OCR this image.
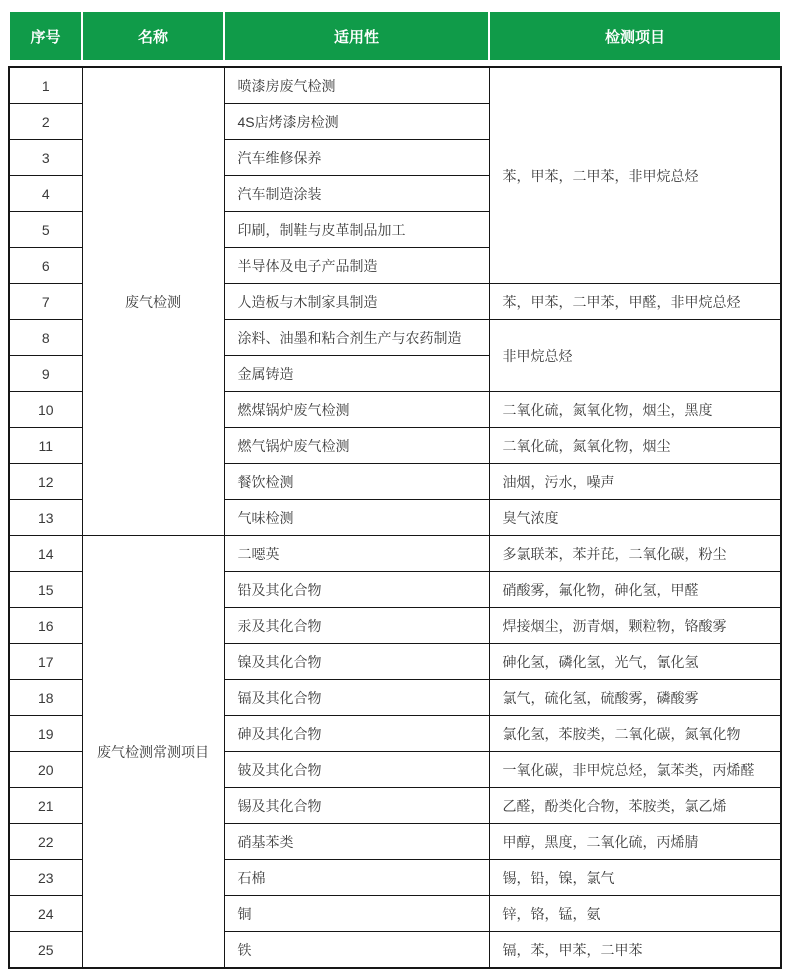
序号	名称	适用性	检测项目
1	废气检测	喷漆房废气检测	苯，甲苯，二甲苯，非甲烷总烃
2		4S店烤漆房检测	
3		汽车维修保养	
4		汽车制造涂装	
5		印刷，制鞋与皮革制品加工	
6		半导体及电子产品制造	
7		人造板与木制家具制造	苯，甲苯，二甲苯，甲醛，非甲烷总烃
8		涂料、油墨和粘合剂生产与农药制造	非甲烷总烃
9		金属铸造	
10		燃煤锅炉废气检测	二氧化硫，氮氧化物，烟尘，黑度
11		燃气锅炉废气检测	二氧化硫，氮氧化物，烟尘
12		餐饮检测	油烟，污水，噪声
13		气味检测	臭气浓度
14	废气检测常测项目	二噁英	多氯联苯，苯并芘，二氧化碳，粉尘
15		铅及其化合物	硝酸雾，氟化物，砷化氢，甲醛
16		汞及其化合物	焊接烟尘，沥青烟，颗粒物，铬酸雾
17		镍及其化合物	砷化氢，磷化氢，光气，氰化氢
18		镉及其化合物	氯气，硫化氢，硫酸雾，磷酸雾
19		砷及其化合物	氯化氢，苯胺类，二氧化碳，氮氧化物
20		铍及其化合物	一氧化碳，非甲烷总烃，氯苯类，丙烯醛
21		锡及其化合物	乙醛，酚类化合物，苯胺类，氯乙烯
22		硝基苯类	甲醇，黑度，二氧化硫，丙烯腈
23		石棉	锡，铅，镍，氯气
24		铜	锌，铬，锰，氨
25		铁	镉，苯，甲苯，二甲苯
